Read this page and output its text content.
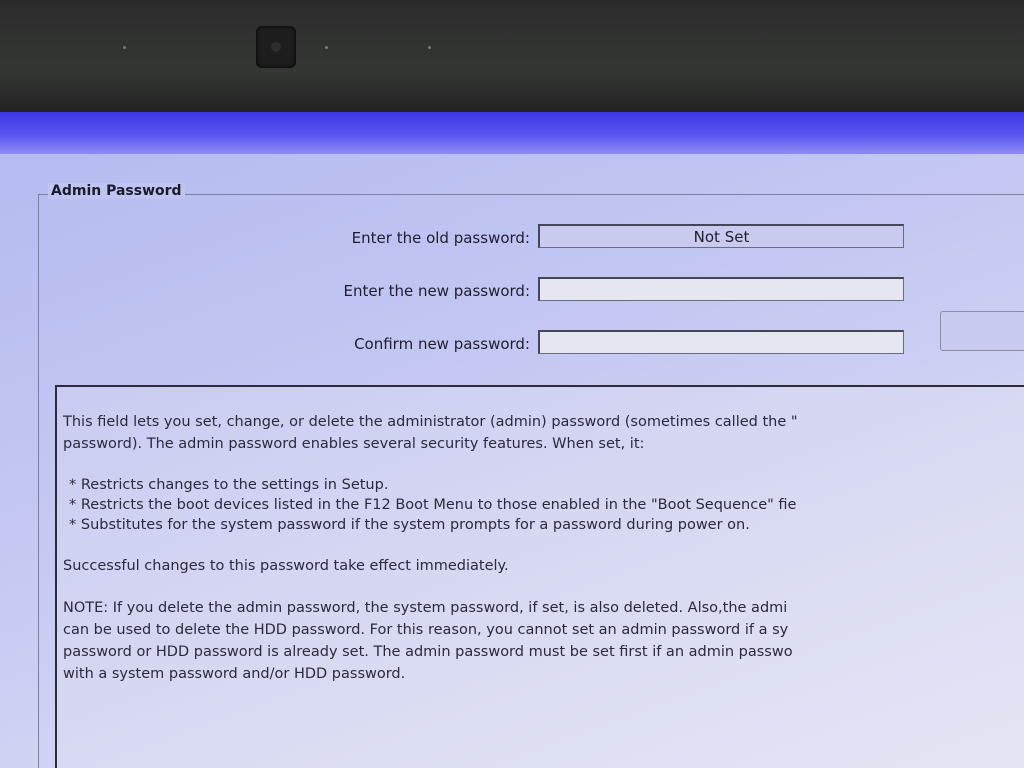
Admin Password
Enter the old password:
Not Set
Enter the new password:
Confirm new password:

This field lets you set, change, or delete the administrator (admin) password (sometimes called the "

password). The admin password enables several security features. When set, it:

* Restricts changes to the settings in Setup.

* Restricts the boot devices listed in the F12 Boot Menu to those enabled in the "Boot Sequence" fie

* Substitutes for the system password if the system prompts for a password during power on.

Successful changes to this password take effect immediately.

NOTE: If you delete the admin password, the system password, if set, is also deleted. Also,the admi

can be used to delete the HDD password. For this reason, you cannot set an admin password if a sy

password or HDD password is already set. The admin password must be set first if an admin passwo

with a system password and/or HDD password.
